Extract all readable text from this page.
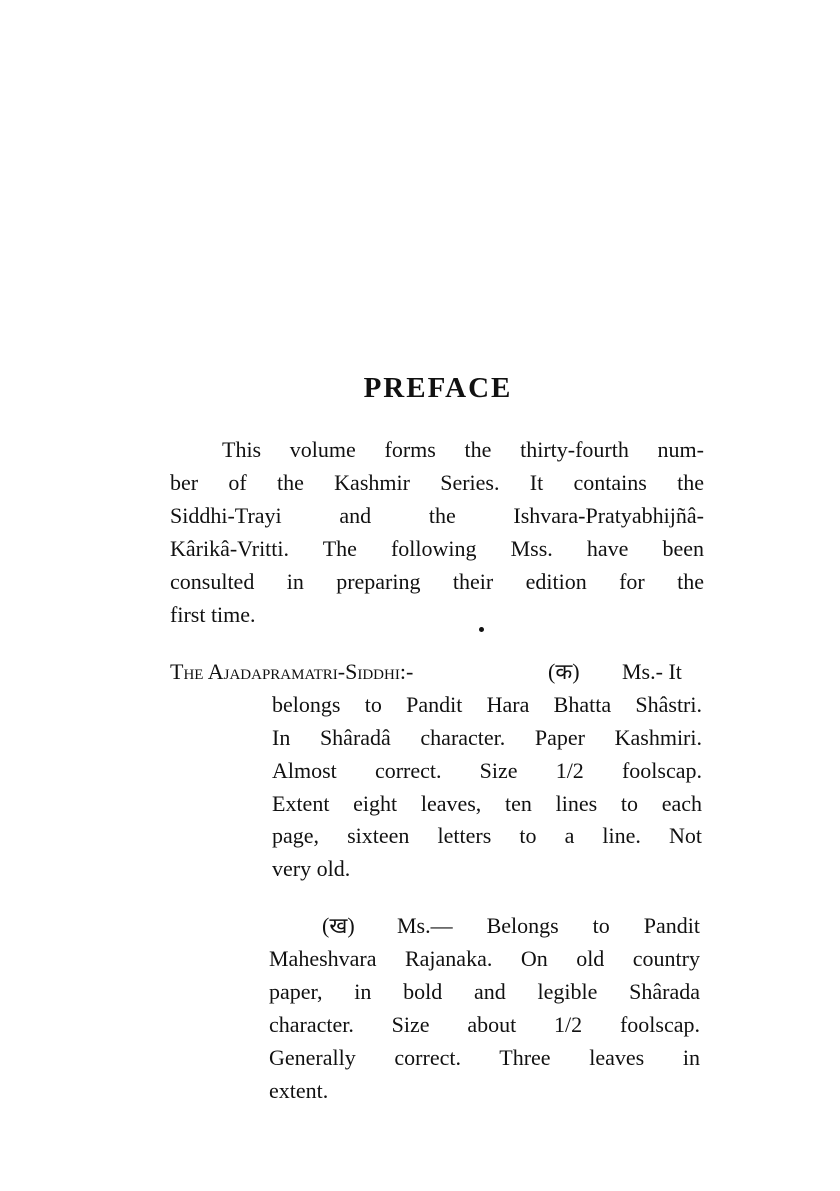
PREFACE

This volume forms the thirty-fourth num-

ber of the Kashmir Series. It contains the

Siddhi-Trayi and the Ishvara-Pratyabhijñâ-

Kârikâ-Vritti. The following Mss. have been

consulted in preparing their edition for the

first time.

The Ajadapramatri-Siddhi:-	(क) Ms.- It

belongs to Pandit Hara Bhatta Shâstri.

In Shâradâ character. Paper Kashmiri.

Almost correct. Size 1/2 foolscap.

Extent eight leaves, ten lines to each

page, sixteen letters to a line. Not

very old.

(ख) Ms.— Belongs to Pandit

Maheshvara Rajanaka. On old country

paper, in bold and legible Shârada

character. Size about 1/2 foolscap.

Generally correct. Three leaves in

extent.
